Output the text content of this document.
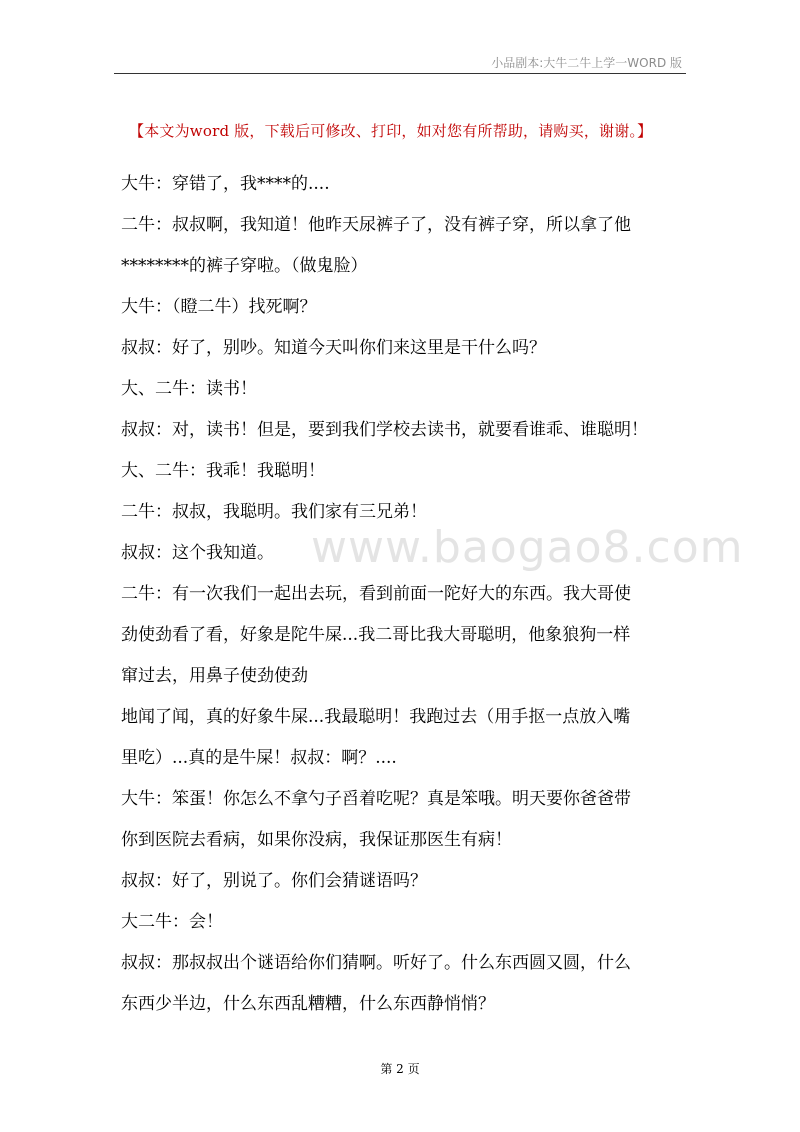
小品剧本:大牛二牛上学一WORD 版
【本文为word 版，下载后可修改、打印，如对您有所帮助，请购买，谢谢。】
大牛：穿错了，我****的....
二牛：叔叔啊，我知道！他昨天尿裤子了，没有裤子穿，所以拿了他
********的裤子穿啦。（做鬼脸）
大牛：（瞪二牛）找死啊？
叔叔：好了，别吵。知道今天叫你们来这里是干什么吗？
大、二牛：读书！
叔叔：对，读书！但是，要到我们学校去读书，就要看谁乖、谁聪明！
大、二牛：我乖！我聪明！
二牛：叔叔，我聪明。我们家有三兄弟！
叔叔：这个我知道。
二牛：有一次我们一起出去玩，看到前面一陀好大的东西。我大哥使
劲使劲看了看，好象是陀牛屎...我二哥比我大哥聪明，他象狼狗一样
窜过去，用鼻子使劲使劲
地闻了闻，真的好象牛屎...我最聪明！我跑过去（用手抠一点放入嘴
里吃）...真的是牛屎！叔叔：啊？....
大牛：笨蛋！你怎么不拿勺子舀着吃呢？真是笨哦。明天要你爸爸带
你到医院去看病，如果你没病，我保证那医生有病！
叔叔：好了，别说了。你们会猜谜语吗？
大二牛：会！
叔叔：那叔叔出个谜语给你们猜啊。听好了。什么东西圆又圆，什么
东西少半边，什么东西乱糟糟，什么东西静悄悄？
www.baogao8.com
第 2 页
